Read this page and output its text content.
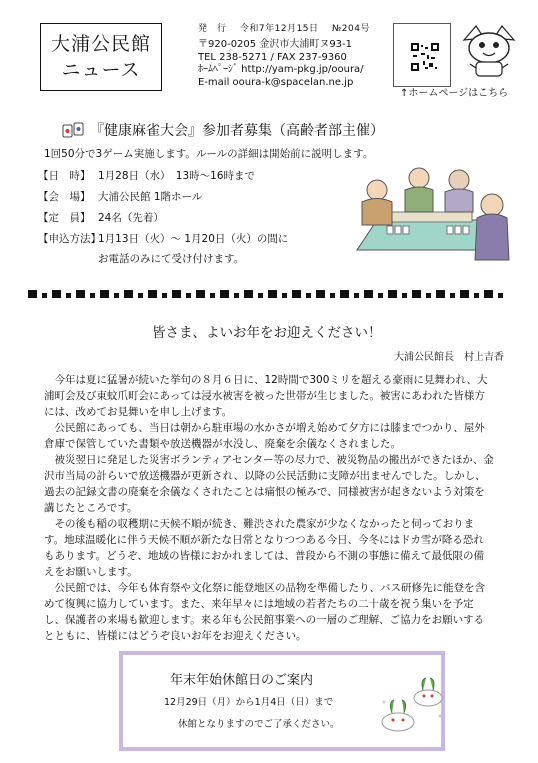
大浦公民館
ニュース
発　行 令和7年12月15日 №204号
〒920-0205 金沢市大浦町ヌ93-1
TEL 238-5271 / FAX 237-9360
ﾎｰﾑﾍﾟｰｼﾞ http://yam-pkg.jp/ooura/
E-mail ooura-k@spacelan.ne.jp
↑ホームページはこちら
『健康麻雀大会』参加者募集（高齢者部主催）
1回50分で3ゲーム実施します。ルールの詳細は開始前に説明します。
【日　時】 1月28日（水）　13時～16時まで
【会　場】 大浦公民館 1階ホール
【定　員】 24名（先着）
【申込方法】
1月13日（火）～ 1月20日（火）の間に
お電話のみにて受け付けます。
皆さま、よいお年をお迎えください！
大浦公民館長　村上吉香

今年は夏に猛暑が続いた挙句の８月６日に、12時間で300ミリを超える豪雨に見舞われ、大浦町会及び東蚊爪町会にあっては浸水被害を被った世帯が生じました。被害にあわれた皆様方には、改めてお見舞いを申し上げます。

公民館にあっても、当日は朝から駐車場の水かさが増え始めて夕方には膝までつかり、屋外倉庫で保管していた書類や放送機器が水没し、廃棄を余儀なくされました。

被災翌日に発足した災害ボランティアセンター等の尽力で、被災物品の搬出ができたほか、金沢市当局の計らいで放送機器が更新され、以降の公民活動に支障が出ませんでした。しかし、過去の記録文書の廃棄を余儀なくされたことは痛恨の極みで、同様被害が起きないよう対策を講じたところです。

その後も稲の収穫期に天候不順が続き、難渋された農家が少なくなかったと伺っております。地球温暖化に伴う天候不順が新たな日常となりつつある今日、今冬にはドカ雪が降る恐れもあります。どうぞ、地域の皆様におかれましては、普段から不測の事態に備えて最低限の備えをお願いします。

公民館では、今年も体育祭や文化祭に能登地区の品物を準備したり、バス研修先に能登を含めて復興に協力しています。また、来年早々には地域の若者たちの二十歳を祝う集いを予定し、保護者の来場も歓迎します。来る年も公民館事業への一層のご理解、ご協力をお願いするとともに、皆様にはどうぞ良いお年をお迎えください。

年末年始休館日のご案内
12月29日（月）から1月4日（日）まで
休館となりますのでご了承ください。
